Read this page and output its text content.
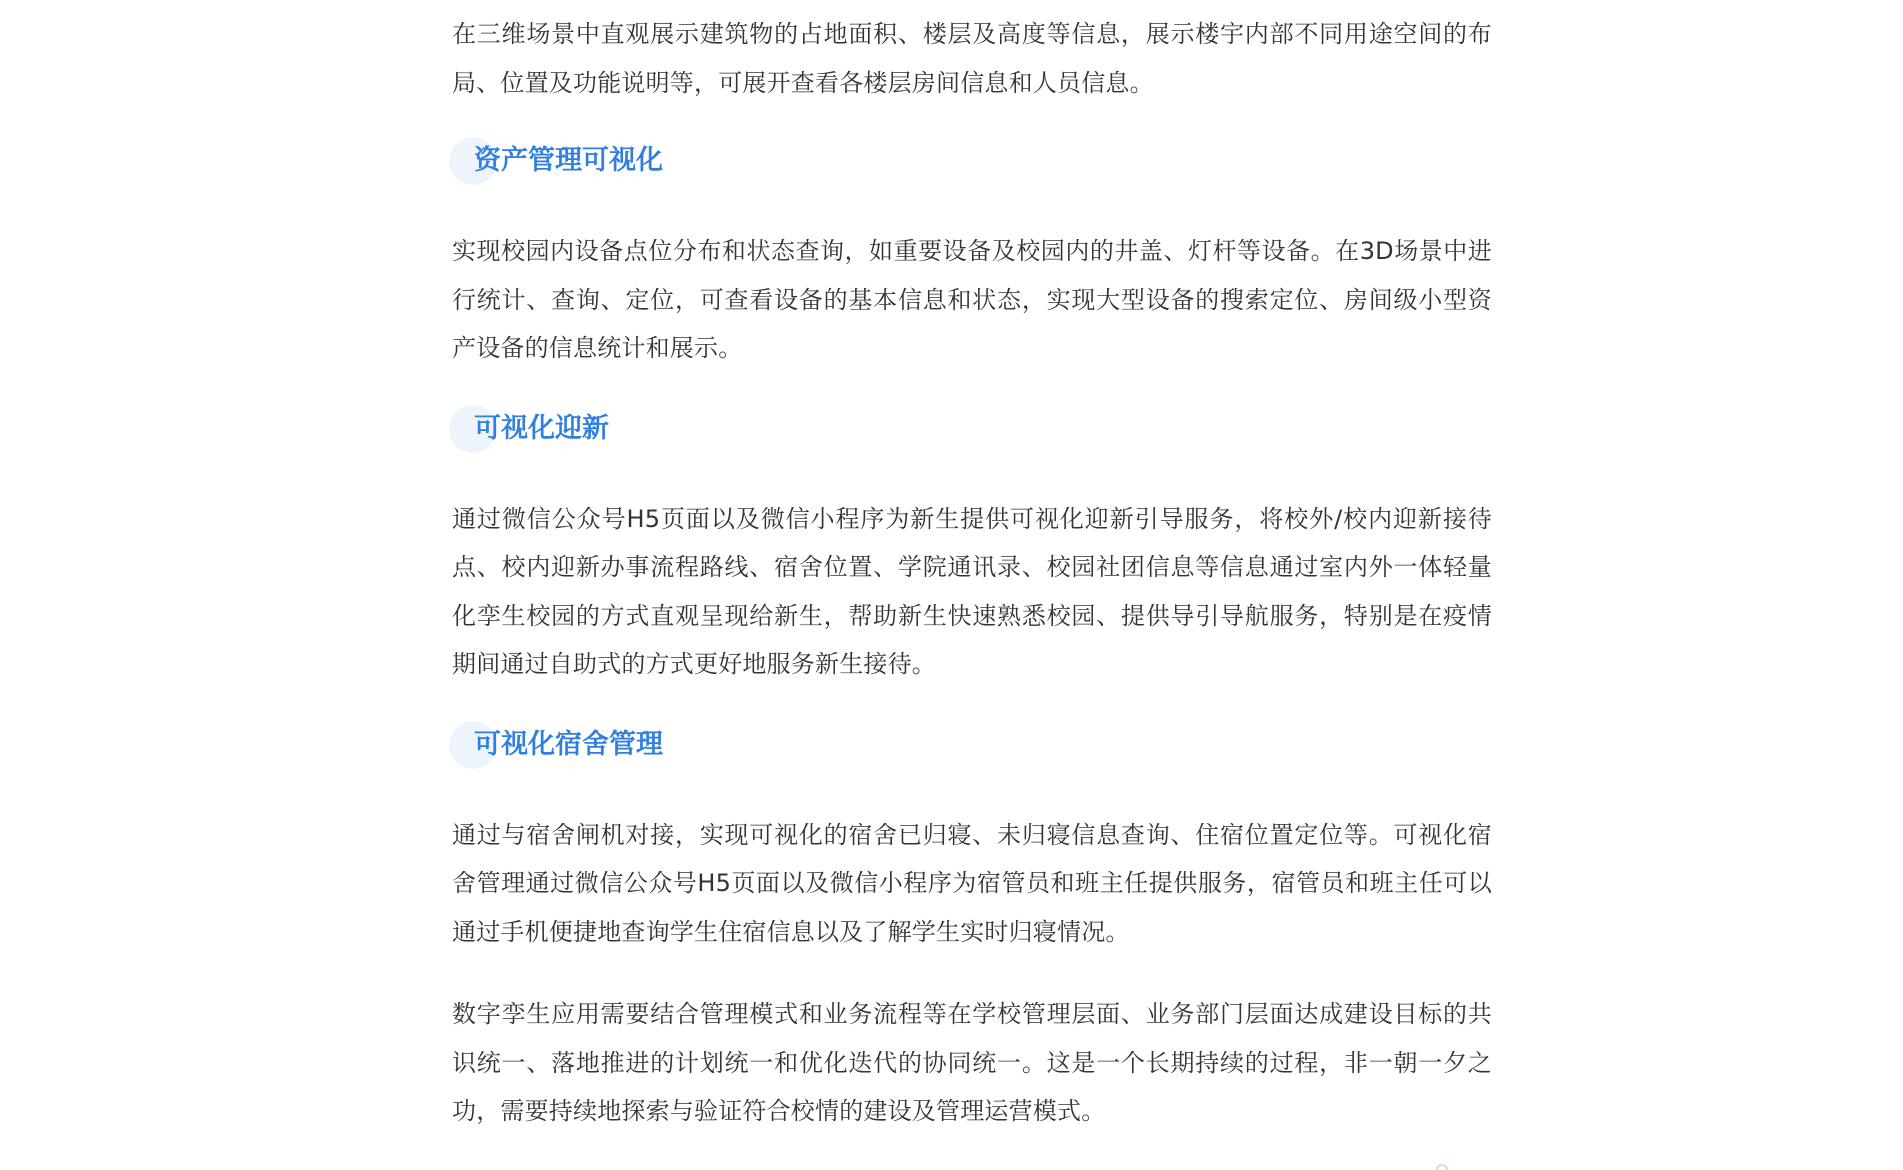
在三维场景中直观展示建筑物的占地面积、楼层及高度等信息，展示楼宇内部不同用途空间的布局、位置及功能说明等，可展开查看各楼层房间信息和人员信息。

资产管理可视化

实现校园内设备点位分布和状态查询，如重要设备及校园内的井盖、灯杆等设备。在3D场景中进行统计、查询、定位，可查看设备的基本信息和状态，实现大型设备的搜索定位、房间级小型资产设备的信息统计和展示。

可视化迎新

通过微信公众号H5页面以及微信小程序为新生提供可视化迎新引导服务，将校外/校内迎新接待点、校内迎新办事流程路线、宿舍位置、学院通讯录、校园社团信息等信息通过室内外一体轻量化孪生校园的方式直观呈现给新生，帮助新生快速熟悉校园、提供导引导航服务，特别是在疫情期间通过自助式的方式更好地服务新生接待。

可视化宿舍管理

通过与宿舍闸机对接，实现可视化的宿舍已归寝、未归寝信息查询、住宿位置定位等。可视化宿舍管理通过微信公众号H5页面以及微信小程序为宿管员和班主任提供服务，宿管员和班主任可以通过手机便捷地查询学生住宿信息以及了解学生实时归寝情况。

数字孪生应用需要结合管理模式和业务流程等在学校管理层面、业务部门层面达成建设目标的共识统一、落地推进的计划统一和优化迭代的协同统一。这是一个长期持续的过程，非一朝一夕之功，需要持续地探索与验证符合校情的建设及管理运营模式。
